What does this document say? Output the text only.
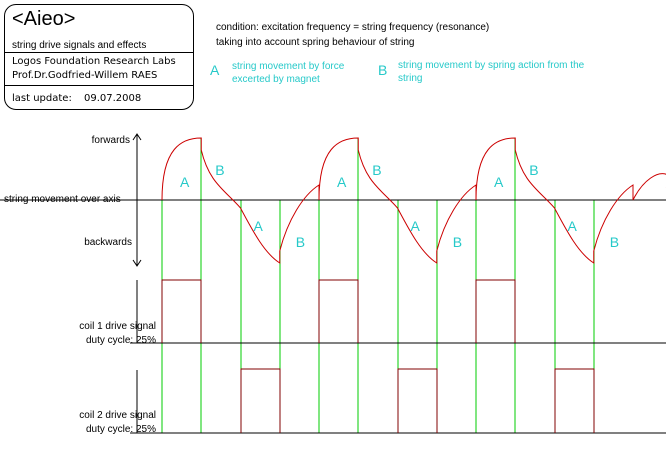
<Aieo>
string drive signals and effects
Logos Foundation Research Labs
Prof.Dr.Godfried-Willem RAES
last update: 09.07.2008
condition: excitation frequency = string frequency (resonance)
taking into account spring behaviour of string
A string movement by force
excerted by magnet
B string movement by spring action from the
string
forwards
string movement over axis
backwards
coil 1 drive signal
duty cycle: 25%
coil 2 drive signal
duty cycle: 25%
A
B
A
B
A
B
A
B
A
B
A
B
